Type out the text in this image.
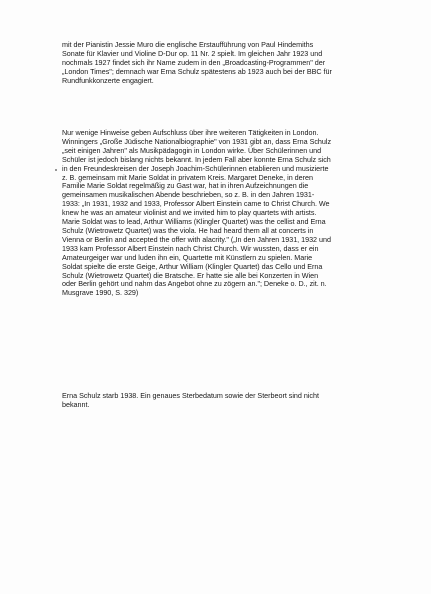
mit der Pianistin Jessie Muro die englische Erstaufführung von Paul Hindemiths
Sonate für Klavier und Violine D-Dur op. 11 Nr. 2 spielt. Im gleichen Jahr 1923 und
nochmals 1927 findet sich ihr Name zudem in den „Broadcasting-Programmen" der
„London Times"; demnach war Erna Schulz spätestens ab 1923 auch bei der BBC für
Rundfunkkonzerte engagiert.

Nur wenige Hinweise geben Aufschluss über ihre weiteren Tätigkeiten in London.
Winningers „Große Jüdische Nationalbiographie" von 1931 gibt an, dass Erna Schulz
„seit einigen Jahren" als Musikpädagogin in London wirke. Über Schülerinnen und
Schüler ist jedoch bislang nichts bekannt. In jedem Fall aber konnte Erna Schulz sich
in den Freundeskreisen der Joseph Joachim-Schülerinnen etablieren und musizierte
z. B. gemeinsam mit Marie Soldat in privatem Kreis. Margaret Deneke, in deren
Familie Marie Soldat regelmäßig zu Gast war, hat in ihren Aufzeichnungen die
gemeinsamen musikalischen Abende beschrieben, so z. B. in den Jahren 1931-
1933: „In 1931, 1932 and 1933, Professor Albert Einstein came to Christ Church. We
knew he was an amateur violinist and we invited him to play quartets with artists.
Marie Soldat was to lead, Arthur Williams (Klingler Quartet) was the cellist and Erna
Schulz (Wietrowetz Quartet) was the viola. He had heard them all at concerts in
Vienna or Berlin and accepted the offer with alacrity." („In den Jahren 1931, 1932 und
1933 kam Professor Albert Einstein nach Christ Church. Wir wussten, dass er ein
Amateurgeiger war und luden ihn ein, Quartette mit Künstlern zu spielen. Marie
Soldat spielte die erste Geige, Arthur William (Klingler Quartet) das Cello und Erna
Schulz (Wietrowetz Quartet) die Bratsche. Er hatte sie alle bei Konzerten in Wien
oder Berlin gehört und nahm das Angebot ohne zu zögern an."; Deneke o. D., zit. n.
Musgrave 1990, S. 329)

Erna Schulz starb 1938. Ein genaues Sterbedatum sowie der Sterbeort sind nicht
bekannt.
